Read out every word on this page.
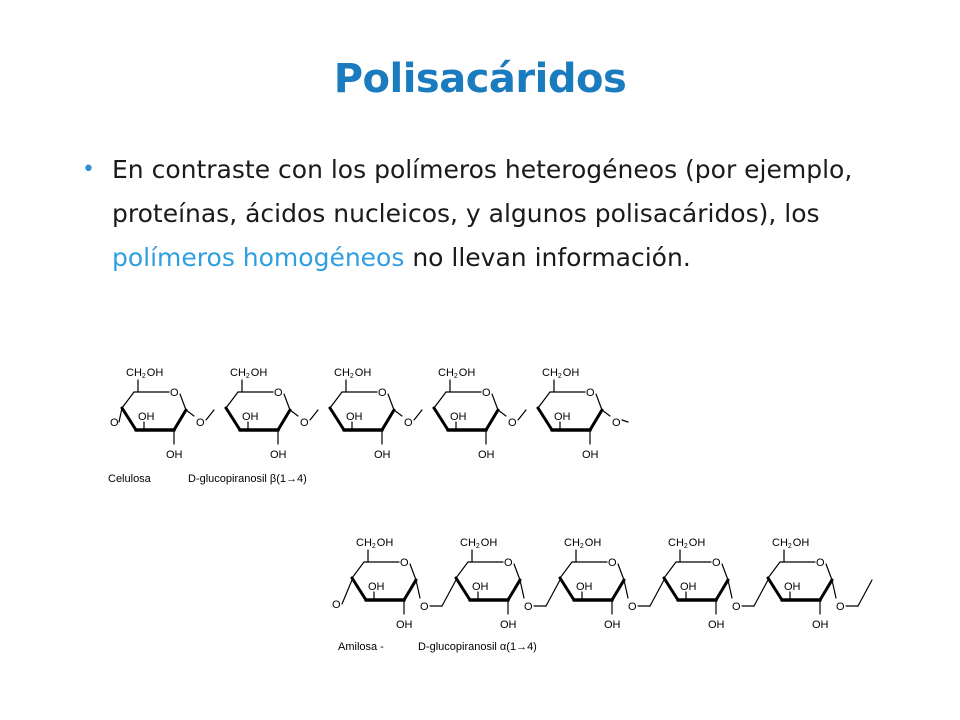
Polisacáridos
• En contraste con los polímeros heterogéneos (por ejemplo, proteínas, ácidos nucleicos, y algunos polisacáridos), los polímeros homogéneos no llevan información.
O
CH2OH
OH
OH
O
O
CH2OH
OH
OH
O
O
CH2OH
OH
OH
O
O
CH2OH
OH
OH
O
O
CH2OH
OH
OH
O
O
Celulosa	D-glucopiranosil β(1→4)
O
CH2OH
OH
OH
O
O
CH2OH
OH
OH
O
O
CH2OH
OH
OH
O
O
CH2OH
OH
OH
O
O
CH2OH
OH
OH
O
O
Amilosa -	D-glucopiranosil α(1→4)
